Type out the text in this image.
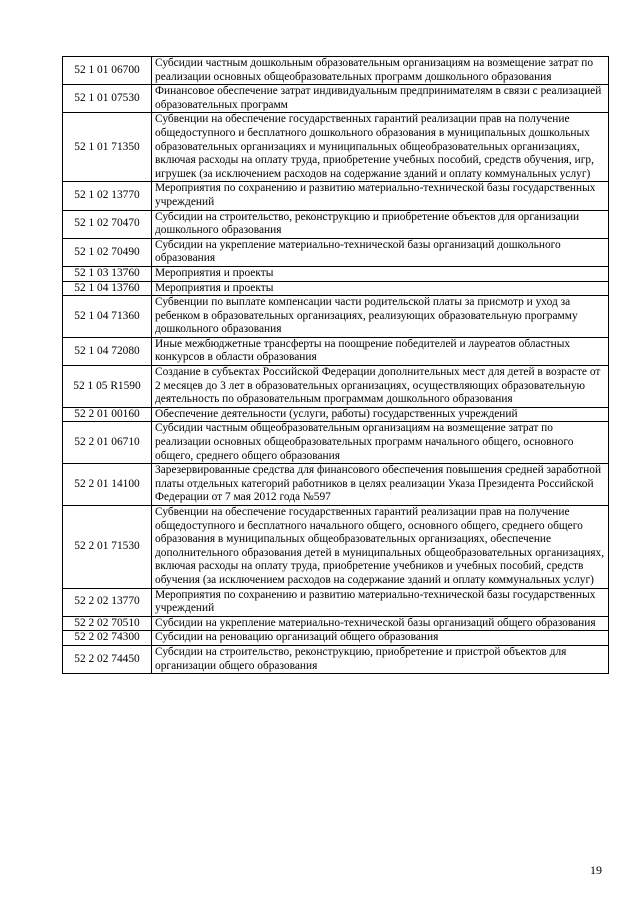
52 1 01 06700	Субсидии частным дошкольным образовательным организациям на возмещение затрат по реализации основных общеобразовательных программ дошкольного образования
52 1 01 07530	Финансовое обеспечение затрат индивидуальным предпринимателям в связи с реализацией образовательных программ
52 1 01 71350	Субвенции на обеспечение государственных гарантий реализации прав на получение общедоступного и бесплатного дошкольного образования в муниципальных дошкольных образовательных организациях и муниципальных общеобразовательных организациях, включая расходы на оплату труда, приобретение учебных пособий, средств обучения, игр, игрушек (за исключением расходов на содержание зданий и оплату коммунальных услуг)
52 1 02 13770	Мероприятия по сохранению и развитию материально-технической базы государственных учреждений
52 1 02 70470	Субсидии на строительство, реконструкцию и приобретение объектов для организации дошкольного образования
52 1 02 70490	Субсидии на укрепление материально-технической базы организаций дошкольного образования
52 1 03 13760	Мероприятия и проекты
52 1 04 13760	Мероприятия и проекты
52 1 04 71360	Субвенции по выплате компенсации части родительской платы за присмотр и уход за ребенком в образовательных организациях, реализующих образовательную программу дошкольного образования
52 1 04 72080	Иные межбюджетные трансферты на поощрение победителей и лауреатов областных конкурсов в области образования
52 1 05 R1590	Создание в субъектах Российской Федерации дополнительных мест для детей в возрасте от 2 месяцев до 3 лет в образовательных организациях, осуществляющих образовательную деятельность по образовательным программам дошкольного образования
52 2 01 00160	Обеспечение деятельности (услуги, работы) государственных учреждений
52 2 01 06710	Субсидии частным общеобразовательным организациям на возмещение затрат по реализации основных общеобразовательных программ начального общего, основного общего, среднего общего образования
52 2 01 14100	Зарезервированные средства для финансового обеспечения повышения средней заработной платы отдельных категорий работников в целях реализации Указа Президента Российской Федерации от 7 мая 2012 года №597
52 2 01 71530	Субвенции на обеспечение государственных гарантий реализации прав на получение общедоступного и бесплатного начального общего, основного общего, среднего общего образования в муниципальных общеобразовательных организациях, обеспечение дополнительного образования детей в муниципальных общеобразовательных организациях, включая расходы на оплату труда, приобретение учебников и учебных пособий, средств обучения (за исключением расходов на содержание зданий и оплату коммунальных услуг)
52 2 02 13770	Мероприятия по сохранению и развитию материально-технической базы государственных учреждений
52 2 02 70510	Субсидии на укрепление материально-технической базы организаций общего образования
52 2 02 74300	Субсидии на реновацию организаций общего образования
52 2 02 74450	Субсидии на строительство, реконструкцию, приобретение и пристрой объектов для организации общего образования
19
